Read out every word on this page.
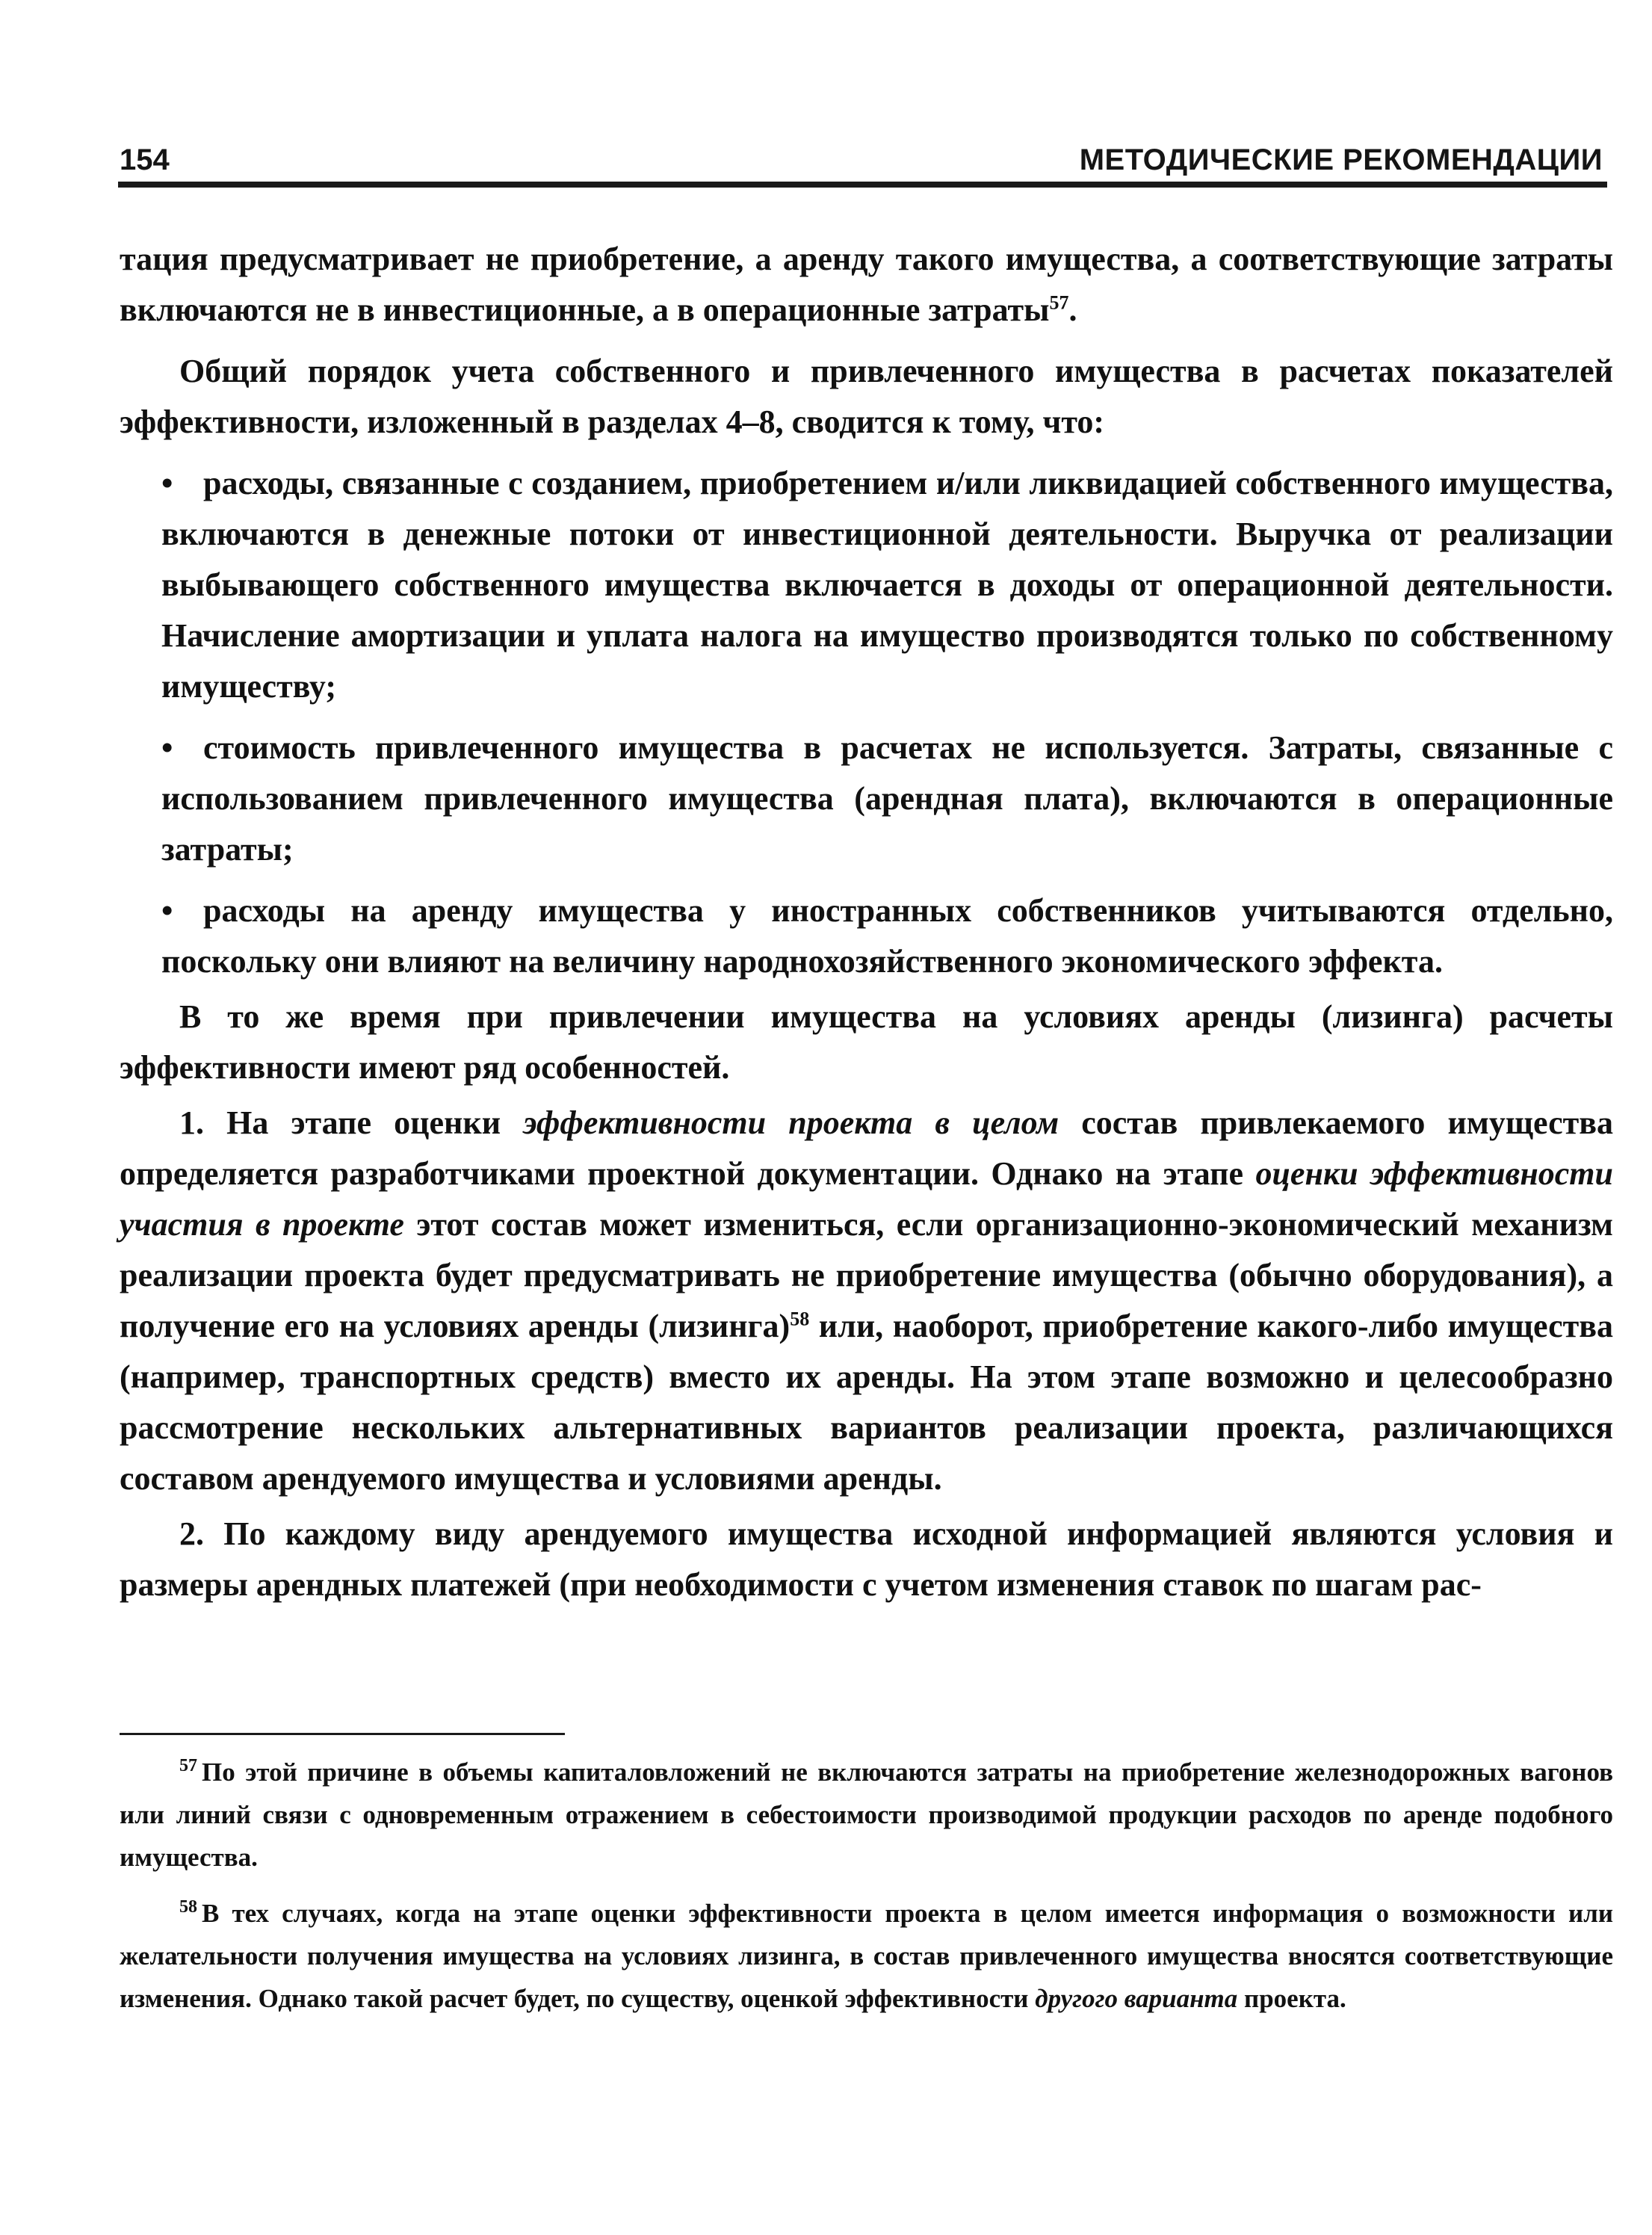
154	МЕТОДИЧЕСКИЕ РЕКОМЕНДАЦИИ

тация предусматривает не приобретение, а аренду такого имущества, а соответствующие затраты включаются не в инвестиционные, а в операционные затраты$^{57}$.

Общий порядок учета собственного и привлеченного имущества в расчетах показателей эффективности, изложенный в разделах 4–8, сводится к тому, что:

• расходы, связанные с созданием, приобретением и/или ликвидацией собственного имущества, включаются в денежные потоки от инвестиционной деятельности. Выручка от реализации выбывающего собственного имущества включается в доходы от операционной деятельности. Начисление амортизации и уплата налога на имущество производятся только по собственному имуществу;
• стоимость привлеченного имущества в расчетах не используется. Затраты, связанные с использованием привлеченного имущества (арендная плата), включаются в операционные затраты;
• расходы на аренду имущества у иностранных собственников учитываются отдельно, поскольку они влияют на величину народнохозяйственного экономического эффекта.

В то же время при привлечении имущества на условиях аренды (лизинга) расчеты эффективности имеют ряд особенностей.

1. На этапе оценки эффективности проекта в целом состав привлекаемого имущества определяется разработчиками проектной документации. Однако на этапе оценки эффективности участия в проекте этот состав может измениться, если организационно-экономический механизм реализации проекта будет предусматривать не приобретение имущества (обычно оборудования), а получение его на условиях аренды (лизинга)$^{58}$ или, наоборот, приобретение какого-либо имущества (например, транспортных средств) вместо их аренды. На этом этапе возможно и целесообразно рассмотрение нескольких альтернативных вариантов реализации проекта, различающихся составом арендуемого имущества и условиями аренды.

2. По каждому виду арендуемого имущества исходной информацией являются условия и размеры арендных платежей (при необходимости с учетом изменения ставок по шагам рас-

$^{57}$ По этой причине в объемы капиталовложений не включаются затраты на приобретение железнодорожных вагонов или линий связи с одновременным отражением в себестоимости производимой продукции расходов по аренде подобного имущества.

$^{58}$ В тех случаях, когда на этапе оценки эффективности проекта в целом имеется информация о возможности или желательности получения имущества на условиях лизинга, в состав привлеченного имущества вносятся соответствующие изменения. Однако такой расчет будет, по существу, оценкой эффективности другого варианта проекта.
